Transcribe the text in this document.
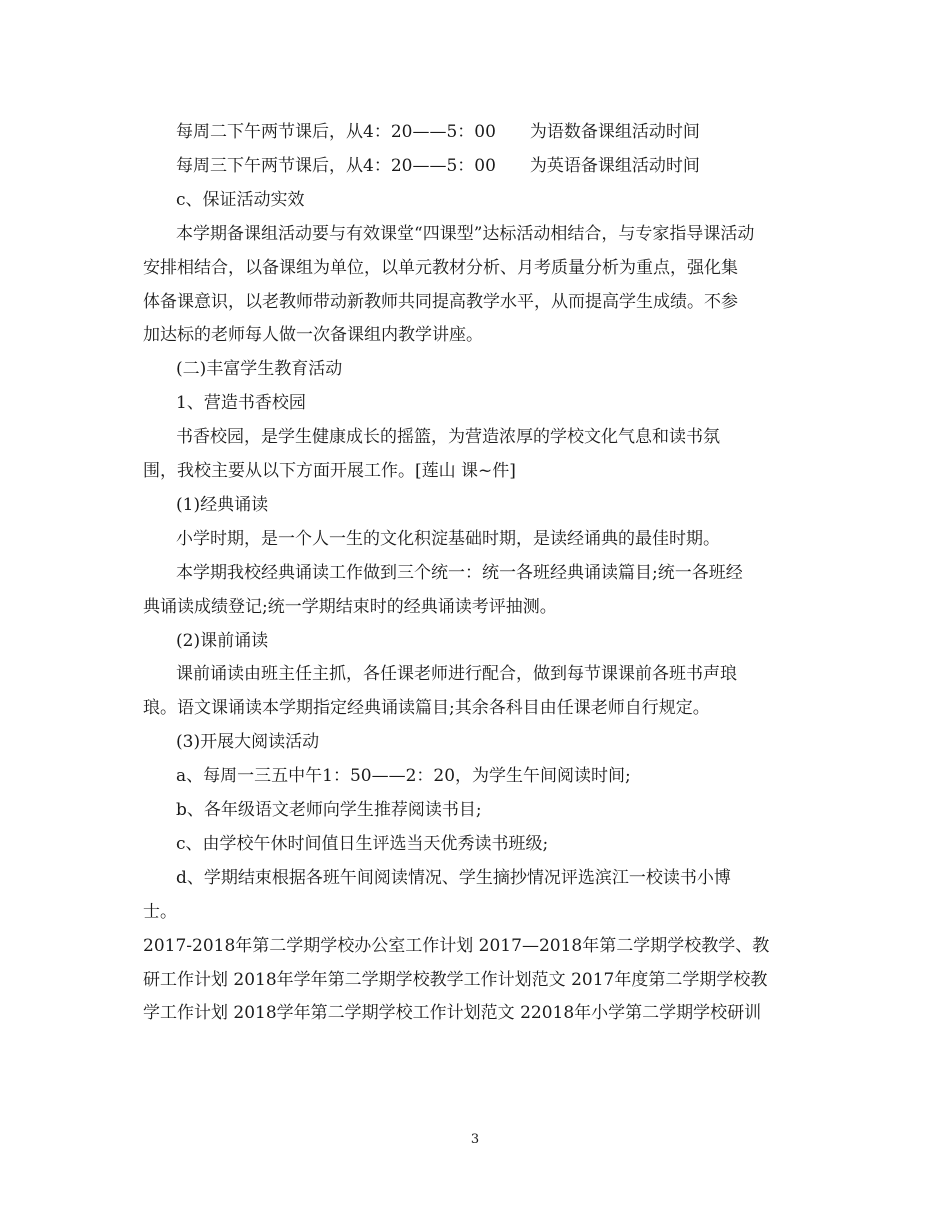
每周二下午两节课后，从4：20——5：00　　为语数备课组活动时间
每周三下午两节课后，从4：20——5：00　　为英语备课组活动时间
c、保证活动实效
本学期备课组活动要与有效课堂“四课型”达标活动相结合，与专家指导课活动
安排相结合，以备课组为单位，以单元教材分析、月考质量分析为重点，强化集
体备课意识，以老教师带动新教师共同提高教学水平，从而提高学生成绩。不参
加达标的老师每人做一次备课组内教学讲座。
(二)丰富学生教育活动
1、营造书香校园
书香校园，是学生健康成长的摇篮，为营造浓厚的学校文化气息和读书氛
围，我校主要从以下方面开展工作。[莲山 课~件]
(1)经典诵读
小学时期，是一个人一生的文化积淀基础时期，是读经诵典的最佳时期。
本学期我校经典诵读工作做到三个统一：统一各班经典诵读篇目;统一各班经
典诵读成绩登记;统一学期结束时的经典诵读考评抽测。
(2)课前诵读
课前诵读由班主任主抓，各任课老师进行配合，做到每节课课前各班书声琅
琅。语文课诵读本学期指定经典诵读篇目;其余各科目由任课老师自行规定。
(3)开展大阅读活动
a、每周一三五中午1：50——2：20，为学生午间阅读时间;
b、各年级语文老师向学生推荐阅读书目;
c、由学校午休时间值日生评选当天优秀读书班级;
d、学期结束根据各班午间阅读情况、学生摘抄情况评选滨江一校读书小博
士。
2017-2018年第二学期学校办公室工作计划 2017—2018年第二学期学校教学、教
研工作计划 2018年学年第二学期学校教学工作计划范文 2017年度第二学期学校教
学工作计划 2018学年第二学期学校工作计划范文 22018年小学第二学期学校研训
3
